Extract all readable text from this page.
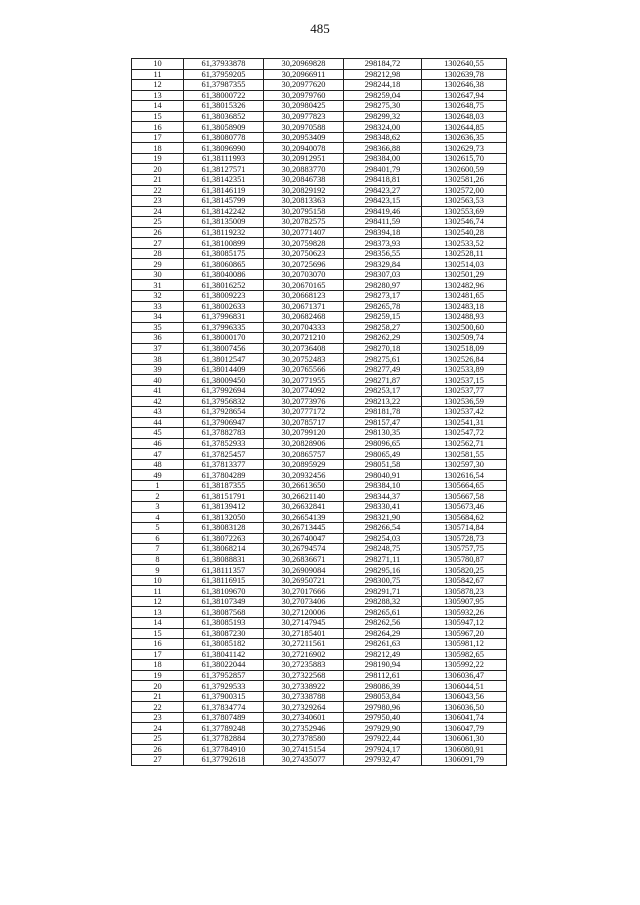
485
10	61,37933878	30,20969828	298184,72	1302640,55
11	61,37959205	30,20966911	298212,98	1302639,78
12	61,37987355	30,20977620	298244,18	1302646,38
13	61,38000722	30,20979760	298259,04	1302647,94
14	61,38015326	30,20980425	298275,30	1302648,75
15	61,38036852	30,20977823	298299,32	1302648,03
16	61,38058909	30,20970588	298324,00	1302644,85
17	61,38080778	30,20953409	298348,62	1302636,35
18	61,38096990	30,20940078	298366,88	1302629,73
19	61,38111993	30,20912951	298384,00	1302615,70
20	61,38127571	30,20883770	298401,79	1302600,59
21	61,38142351	30,20846738	298418,81	1302581,26
22	61,38146119	30,20829192	298423,27	1302572,00
23	61,38145799	30,20813363	298423,15	1302563,53
24	61,38142242	30,20795158	298419,46	1302553,69
25	61,38135009	30,20782575	298411,59	1302546,74
26	61,38119232	30,20771407	298394,18	1302540,28
27	61,38100899	30,20759828	298373,93	1302533,52
28	61,38085175	30,20750623	298356,55	1302528,11
29	61,38060865	30,20725696	298329,84	1302514,03
30	61,38040086	30,20703070	298307,03	1302501,29
31	61,38016252	30,20670165	298280,97	1302482,96
32	61,38009223	30,20668123	298273,17	1302481,65
33	61,38002633	30,20671371	298265,78	1302483,18
34	61,37996831	30,20682468	298259,15	1302488,93
35	61,37996335	30,20704333	298258,27	1302500,60
36	61,38000170	30,20721210	298262,29	1302509,74
37	61,38007456	30,20736408	298270,18	1302518,09
38	61,38012547	30,20752483	298275,61	1302526,84
39	61,38014409	30,20765566	298277,49	1302533,89
40	61,38009450	30,20771955	298271,87	1302537,15
41	61,37992694	30,20774092	298253,17	1302537,77
42	61,37956832	30,20773976	298213,22	1302536,59
43	61,37928654	30,20777172	298181,78	1302537,42
44	61,37906947	30,20785717	298157,47	1302541,31
45	61,37882783	30,20799120	298130,35	1302547,72
46	61,37852933	30,20828906	298096,65	1302562,71
47	61,37825457	30,20865757	298065,49	1302581,55
48	61,37813377	30,20895929	298051,58	1302597,30
49	61,37804289	30,20932456	298040,91	1302616,54
1	61,38187355	30,26613650	298384,10	1305664,65
2	61,38151791	30,26621140	298344,37	1305667,58
3	61,38139412	30,26632841	298330,41	1305673,46
4	61,38132050	30,26654139	298321,90	1305684,62
5	61,38083128	30,26713445	298266,54	1305714,84
6	61,38072263	30,26740047	298254,03	1305728,73
7	61,38068214	30,26794574	298248,75	1305757,75
8	61,38088831	30,26836671	298271,11	1305780,87
9	61,38111357	30,26909084	298295,16	1305820,25
10	61,38116915	30,26950721	298300,75	1305842,67
11	61,38109670	30,27017666	298291,71	1305878,23
12	61,38107349	30,27073406	298288,32	1305907,95
13	61,38087568	30,27120006	298265,61	1305932,26
14	61,38085193	30,27147945	298262,56	1305947,12
15	61,38087230	30,27185401	298264,29	1305967,20
16	61,38085182	30,27211561	298261,63	1305981,12
17	61,38041142	30,27216902	298212,49	1305982,65
18	61,38022044	30,27235883	298190,94	1305992,22
19	61,37952857	30,27322568	298112,61	1306036,47
20	61,37929533	30,27338922	298086,39	1306044,51
21	61,37900315	30,27338788	298053,84	1306043,56
22	61,37834774	30,27329264	297980,96	1306036,50
23	61,37807489	30,27340601	297950,40	1306041,74
24	61,37789248	30,27352946	297929,90	1306047,79
25	61,37782884	30,27378580	297922,44	1306061,30
26	61,37784910	30,27415154	297924,17	1306080,91
27	61,37792618	30,27435077	297932,47	1306091,79
